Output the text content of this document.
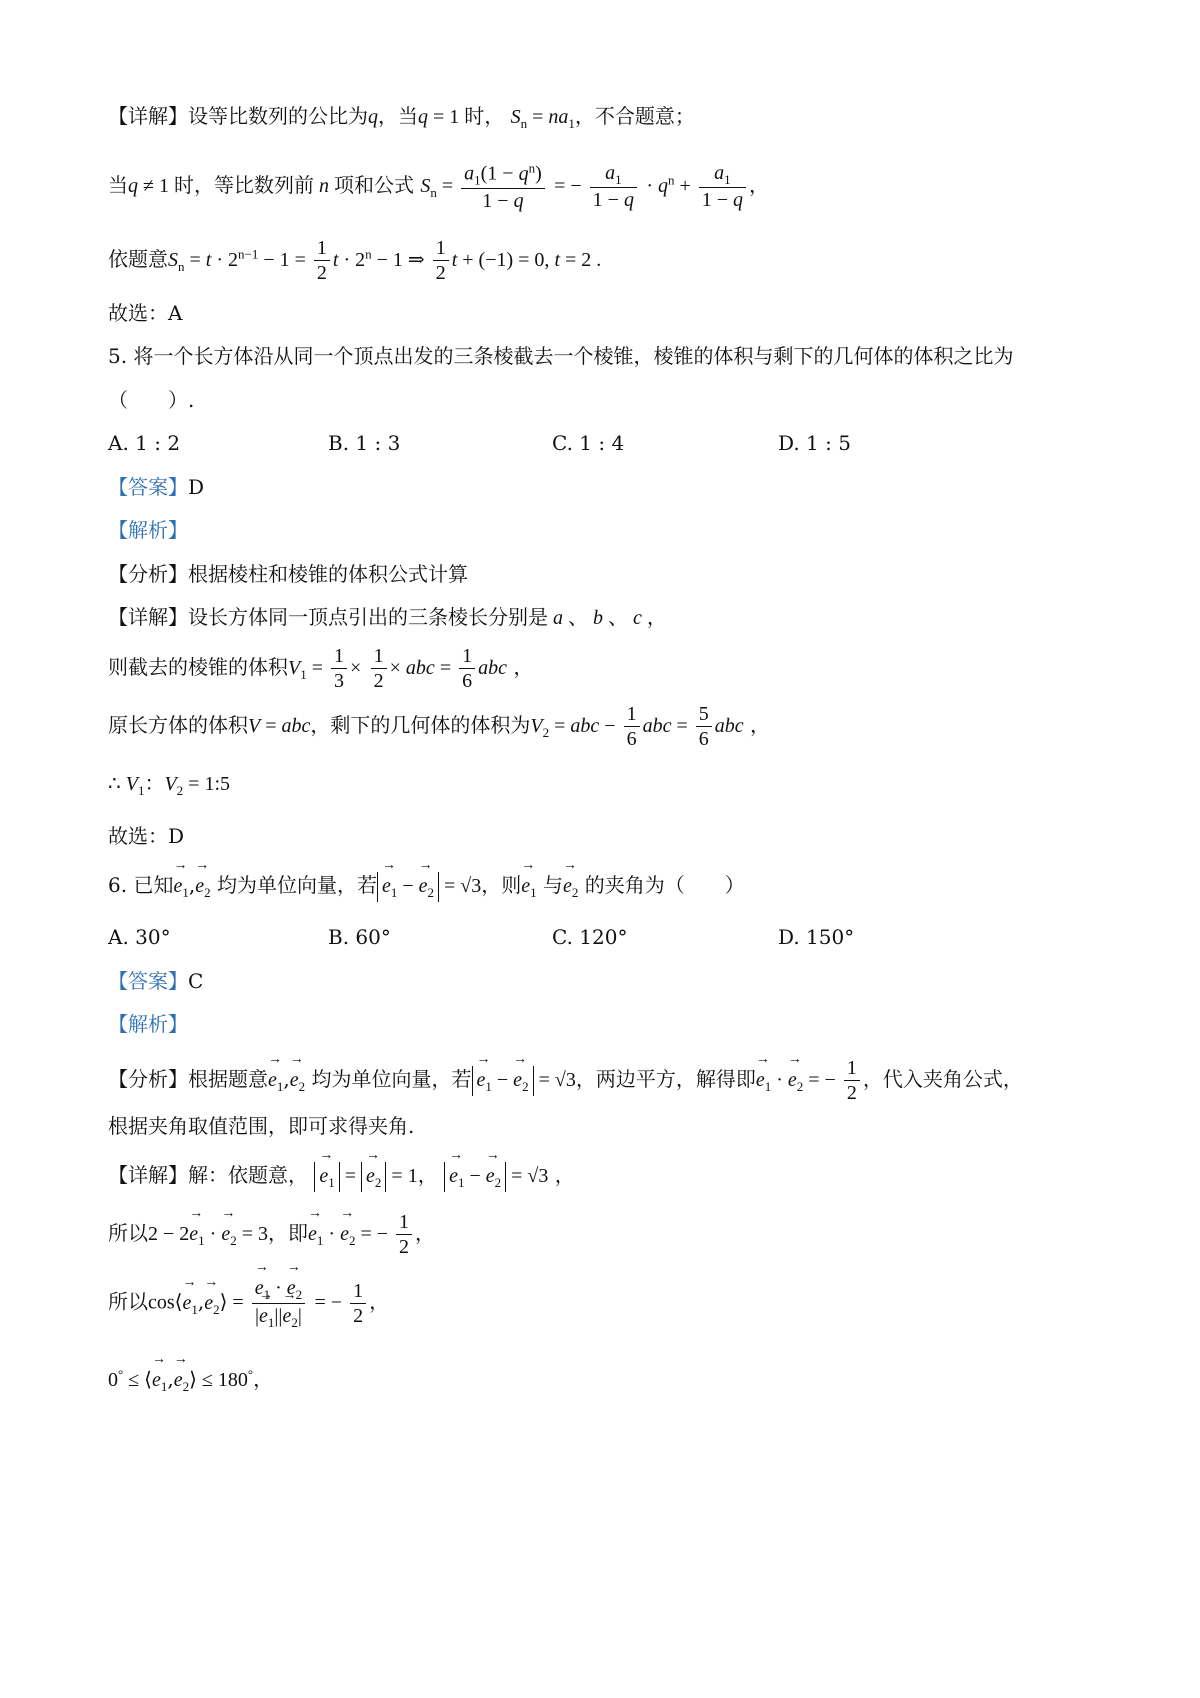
【详解】设等比数列的公比为q，当q = 1 时， $S_n = na_1$，不合题意；
当q ≠ 1 时，等比数列前 n 项和公式 $S_n = \frac{a_1(1 - q^n)}{1 - q}$ = − $\frac{a_1}{1 - q} \cdot q^n + \frac{a_1}{1 - q}$ ，
依题意$S_n = t \cdot 2^{n-1} - 1 = \frac{1}{2}$ $t \cdot 2^n - 1$ ⇒ $\frac{1}{2}$ t + (−1) = 0, t = 2 .
故选：A
5. 将一个长方体沿从同一个顶点出发的三条棱截去一个棱锥，棱锥的体积与剩下的几何体的体积之比为
（　　）.
A. 1 : 2	B. 1 : 3	C. 1 : 4	D. 1 : 5
【答案】D
【解析】
【分析】根据棱柱和棱锥的体积公式计算
【详解】设长方体同一顶点引出的三条棱长分别是 a 、 b 、 c ，
则截去的棱锥的体积$V_1 = \frac{1}{3} \times \frac{1}{2}$ × abc = $\frac{1}{6}$ abc ，
原长方体的体积V = abc，剩下的几何体的体积为$V_2$ = abc − $\frac{1}{6}$ abc = $\frac{5}{6}$ abc ，
∴ $V_1$：$V_2$ = 1:5
故选：D
6. 已知→ $e_1,\to e_2$ 均为单位向量，若 → $e_1$ − → $e_2 = √3$，则→ $e_1$ 与→ $e_2$ 的夹角为（　　）
A. 30°	B. 60°	C. 120°	D. 150°
【答案】C
【解析】
【分析】根据题意→ $e_1,\to e_2$ 均为单位向量，若 → $e_1$ − → $e_2 = √3$，两边平方，解得即→ $e_1$ · → $e_2$ = − $\frac{1}{2}$ ，代入夹角公式，
根据夹角取值范围，即可求得夹角.
【详解】解：依题意， → $e_1$ = → $e_2 = 1$， → $e_1$ − → $e_2 = √3$ ，
所以$2 - 2\to e_1$ · → $e_2 = 3$，即→ $e_1$ · → $e_2$ = − $\frac{1}{2}$ ，
所以cos⟨→ $e_1,\to$ $e_2⟩$ = → $\frac{e_1 \cdot \to e_2}{|\to e_1||\to e_2|}$ = − $\frac{1}{2}$ ，
0° ≤ ⟨→ $e_1,\to$ $e_2⟩ \le 180^\circ$，
